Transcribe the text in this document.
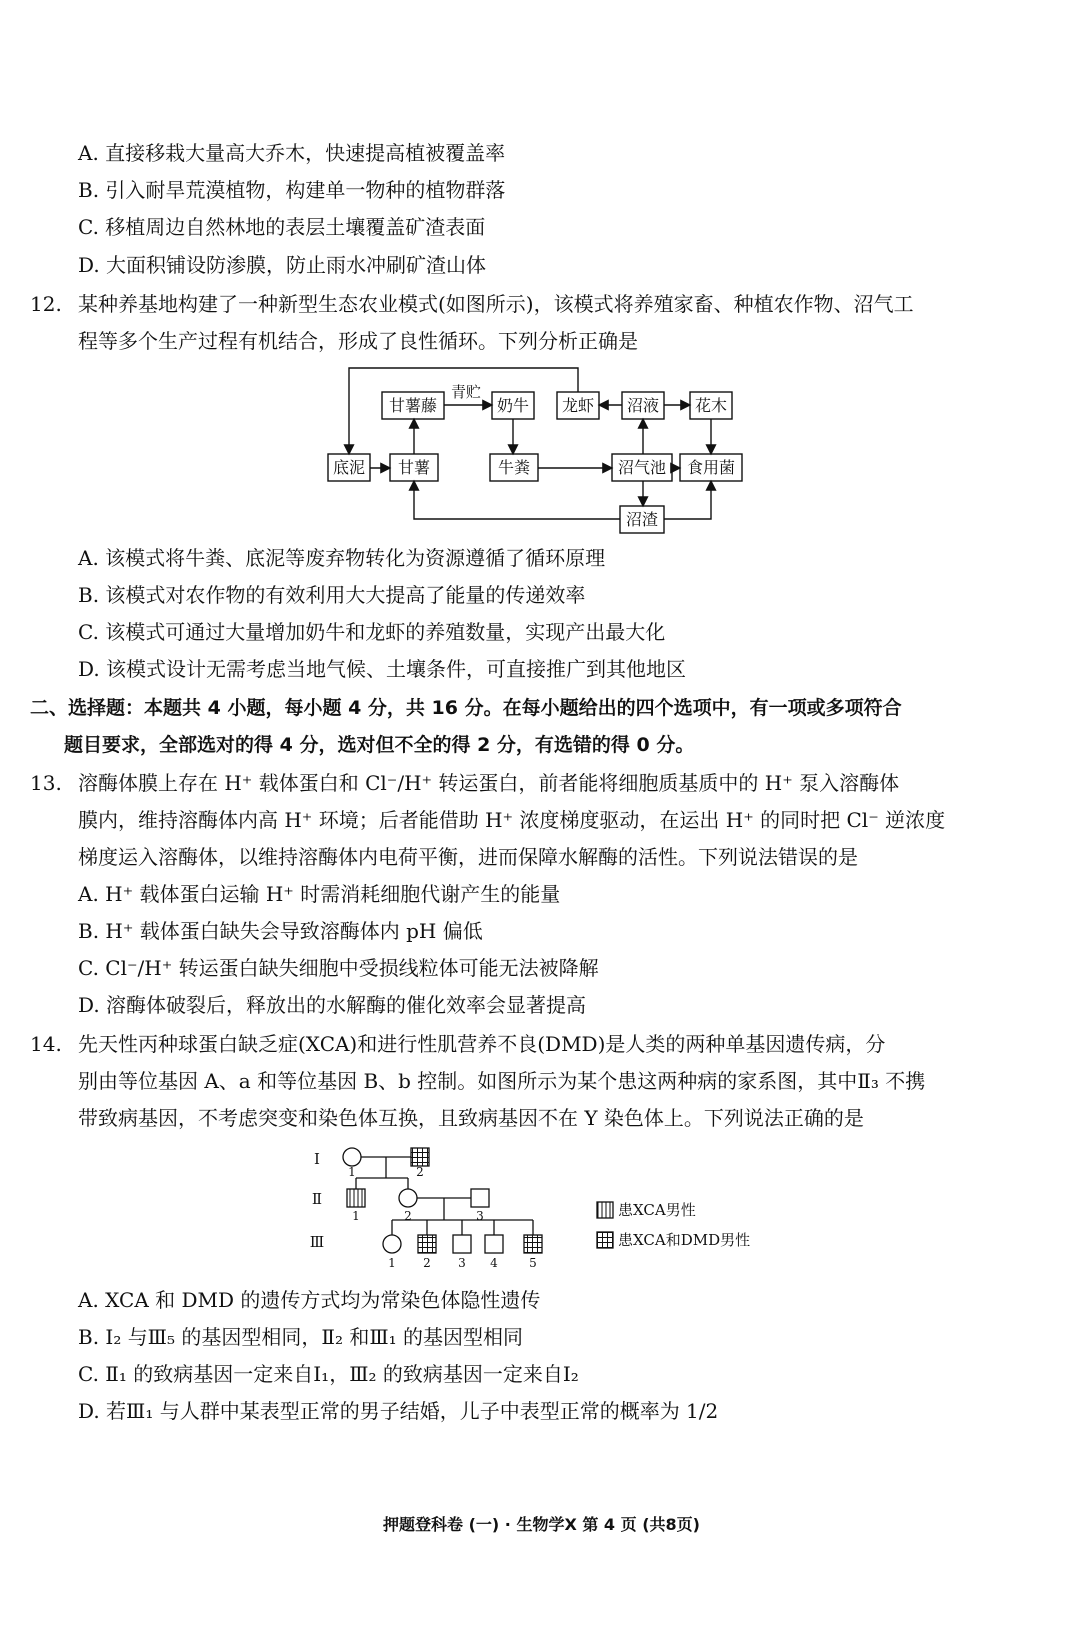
A. 直接移栽大量高大乔木，快速提高植被覆盖率
B. 引入耐旱荒漠植物，构建单一物种的植物群落
C. 移植周边自然林地的表层土壤覆盖矿渣表面
D. 大面积铺设防渗膜，防止雨水冲刷矿渣山体
12. 某种养基地构建了一种新型生态农业模式(如图所示)，该模式将养殖家畜、种植农作物、沼气工
程等多个生产过程有机结合，形成了良性循环。下列分析正确是
甘薯藤	奶牛 龙虾 沼液 花木
底泥 甘薯	牛粪	沼气池 食用菌
沼渣
青贮
A. 该模式将牛粪、底泥等废弃物转化为资源遵循了循环原理
B. 该模式对农作物的有效利用大大提高了能量的传递效率
C. 该模式可通过大量增加奶牛和龙虾的养殖数量，实现产出最大化
D. 该模式设计无需考虑当地气候、土壤条件，可直接推广到其他地区
二、选择题：本题共 4 小题，每小题 4 分，共 16 分。在每小题给出的四个选项中，有一项或多项符合
题目要求，全部选对的得 4 分，选对但不全的得 2 分，有选错的得 0 分。
13. 溶酶体膜上存在 H⁺ 载体蛋白和 Cl⁻/H⁺ 转运蛋白，前者能将细胞质基质中的 H⁺ 泵入溶酶体
膜内，维持溶酶体内高 H⁺ 环境；后者能借助 H⁺ 浓度梯度驱动，在运出 H⁺ 的同时把 Cl⁻ 逆浓度
梯度运入溶酶体，以维持溶酶体内电荷平衡，进而保障水解酶的活性。下列说法错误的是
A. H⁺ 载体蛋白运输 H⁺ 时需消耗细胞代谢产生的能量
B. H⁺ 载体蛋白缺失会导致溶酶体内 pH 偏低
C. Cl⁻/H⁺ 转运蛋白缺失细胞中受损线粒体可能无法被降解
D. 溶酶体破裂后，释放出的水解酶的催化效率会显著提高
14. 先天性丙种球蛋白缺乏症(XCA)和进行性肌营养不良(DMD)是人类的两种单基因遗传病，分
别由等位基因 A、a 和等位基因 B、b 控制。如图所示为某个患这两种病的家系图，其中Ⅱ₃ 不携
带致病基因，不考虑突变和染色体互换，且致病基因不在 Y 染色体上。下列说法正确的是
Ⅰ
Ⅱ
Ⅲ
1	2
1	2	3
1 2 3 4	5
患XCA男性
患XCA和DMD男性
A. XCA 和 DMD 的遗传方式均为常染色体隐性遗传
B. Ⅰ₂ 与Ⅲ₅ 的基因型相同，Ⅱ₂ 和Ⅲ₁ 的基因型相同
C. Ⅱ₁ 的致病基因一定来自Ⅰ₁，Ⅲ₂ 的致病基因一定来自Ⅰ₂
D. 若Ⅲ₁ 与人群中某表型正常的男子结婚，儿子中表型正常的概率为 1/2
押题登科卷 (一) · 生物学X 第 4 页 (共8页)
